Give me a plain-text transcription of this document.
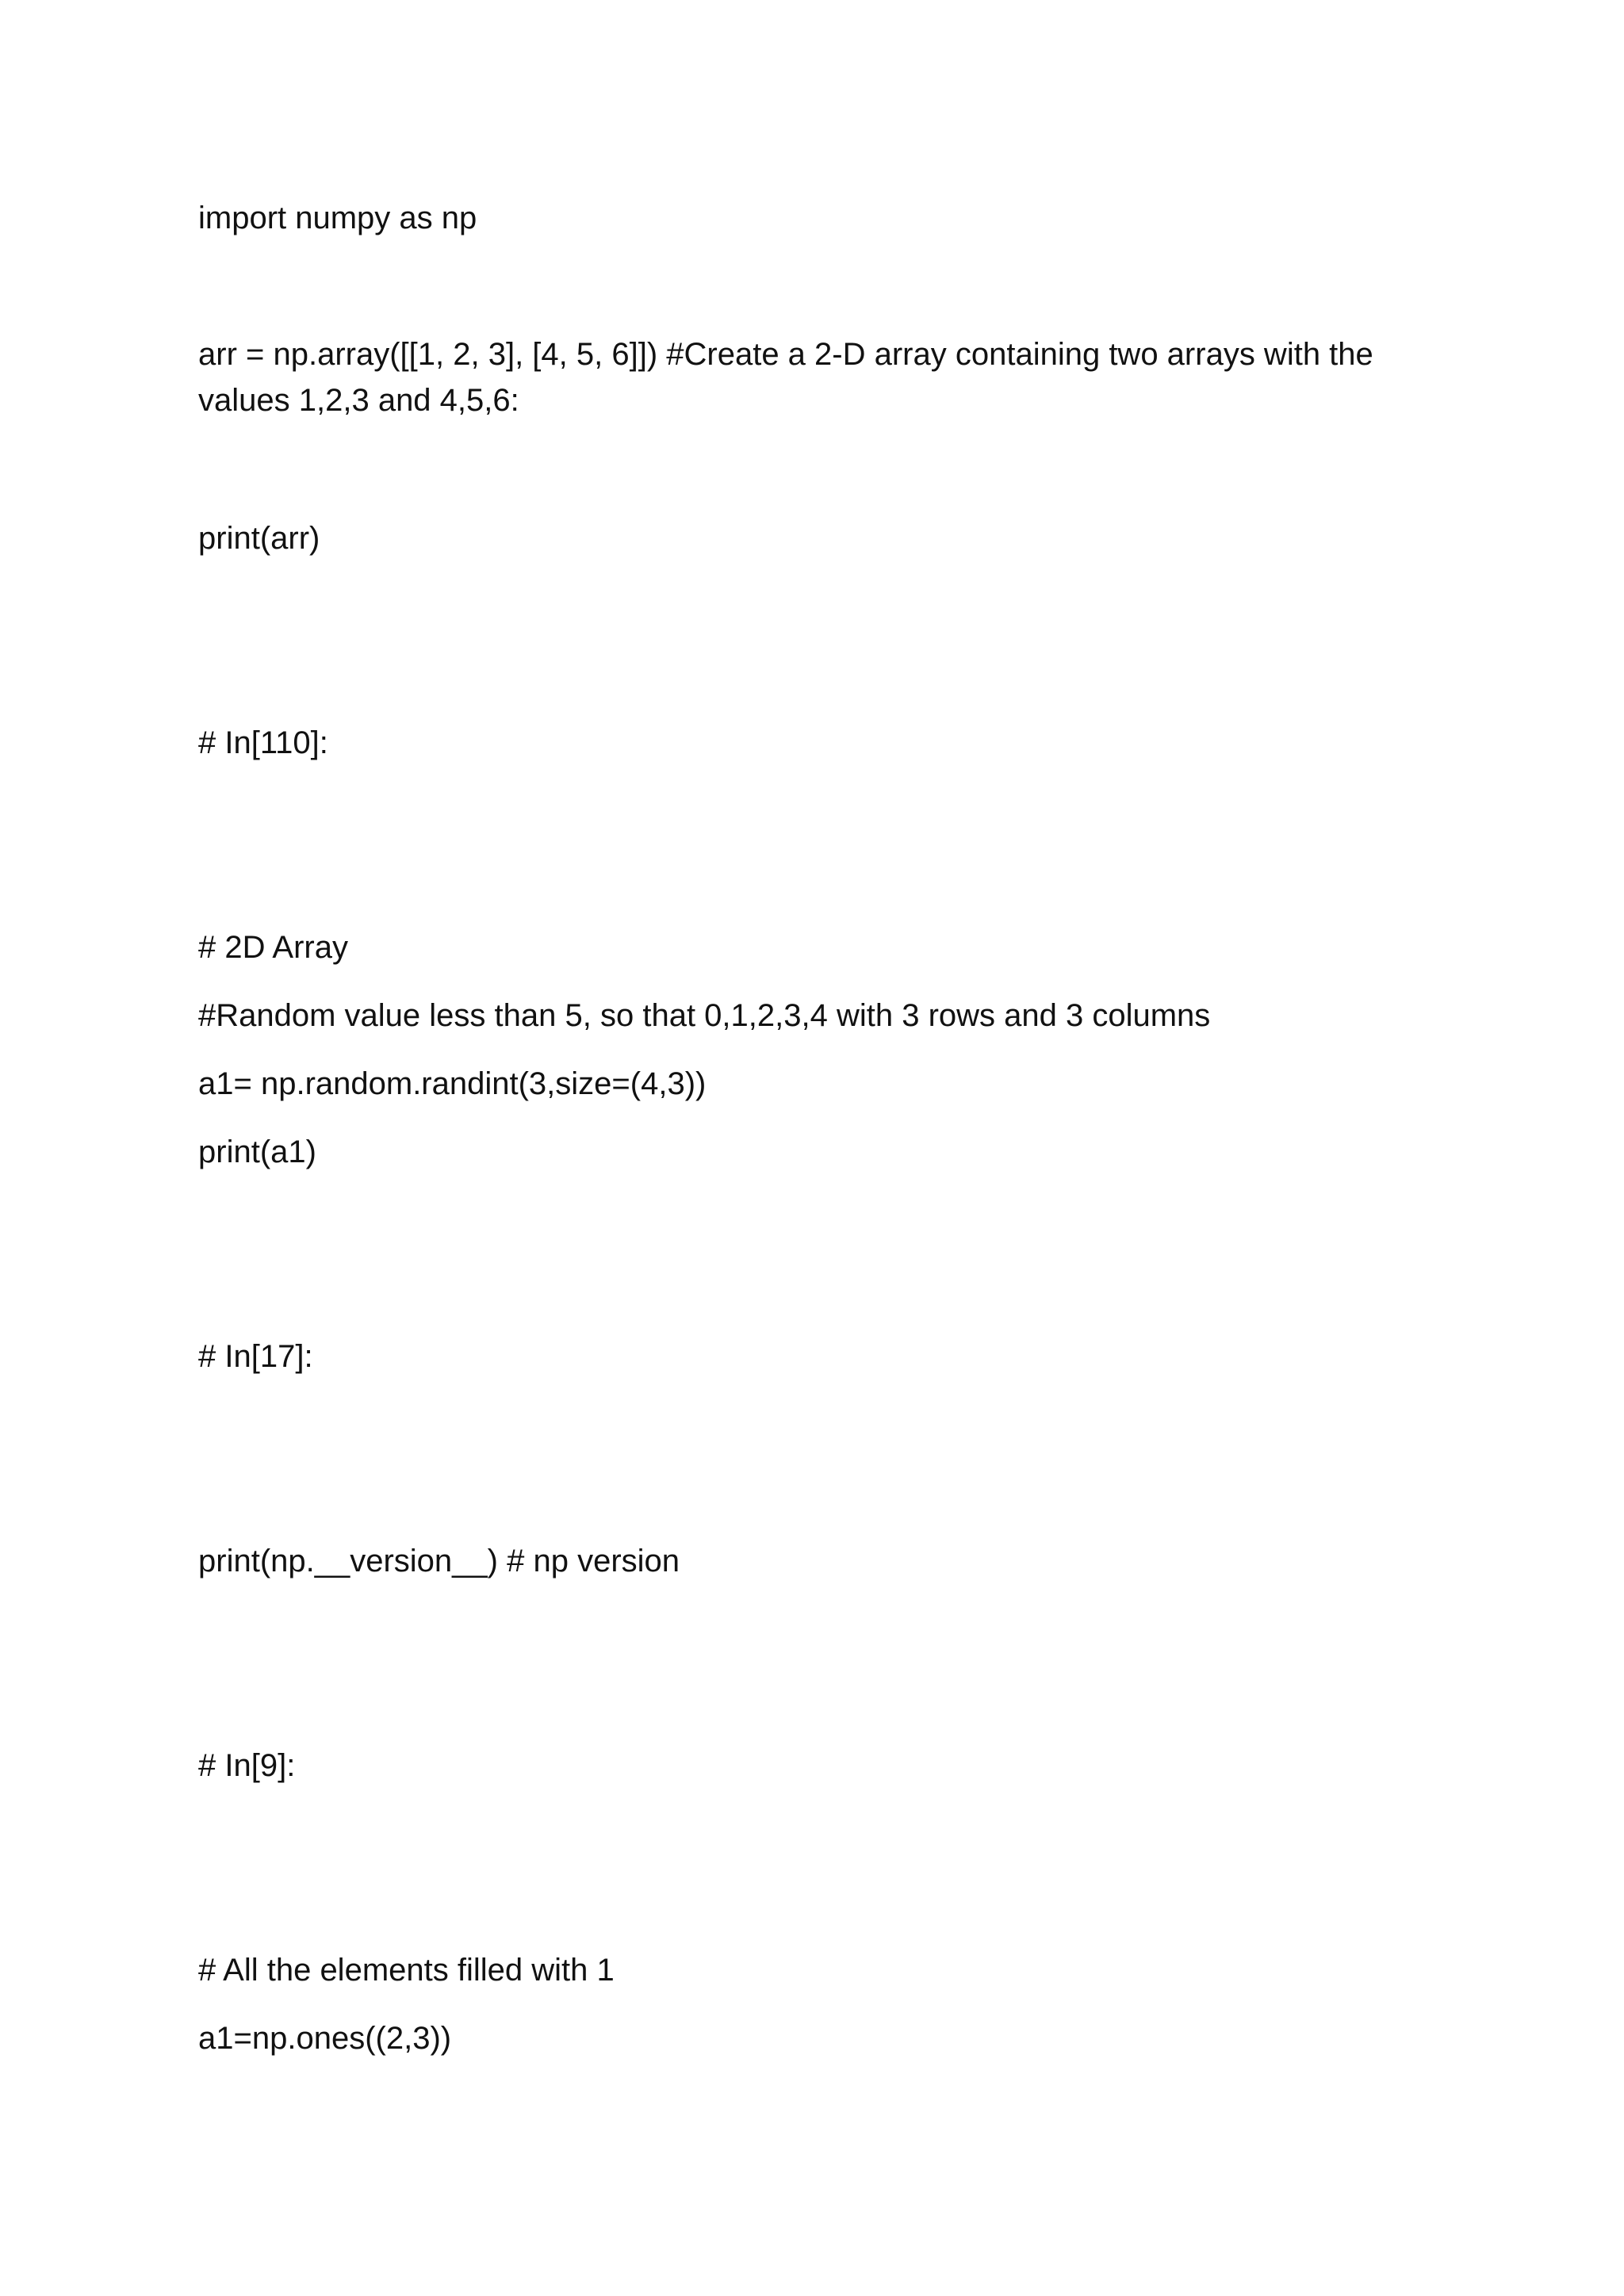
import numpy as np
arr = np.array([[1, 2, 3], [4, 5, 6]]) #Create a 2-D array containing two arrays with the
values 1,2,3 and 4,5,6:
print(arr)
# In[110]:
# 2D Array
#Random value less than 5, so that 0,1,2,3,4 with 3 rows and 3 columns
a1= np.random.randint(3,size=(4,3))
print(a1)
# In[17]:
print(np.__version__) # np version
# In[9]:
# All the elements filled with 1
a1=np.ones((2,3))
